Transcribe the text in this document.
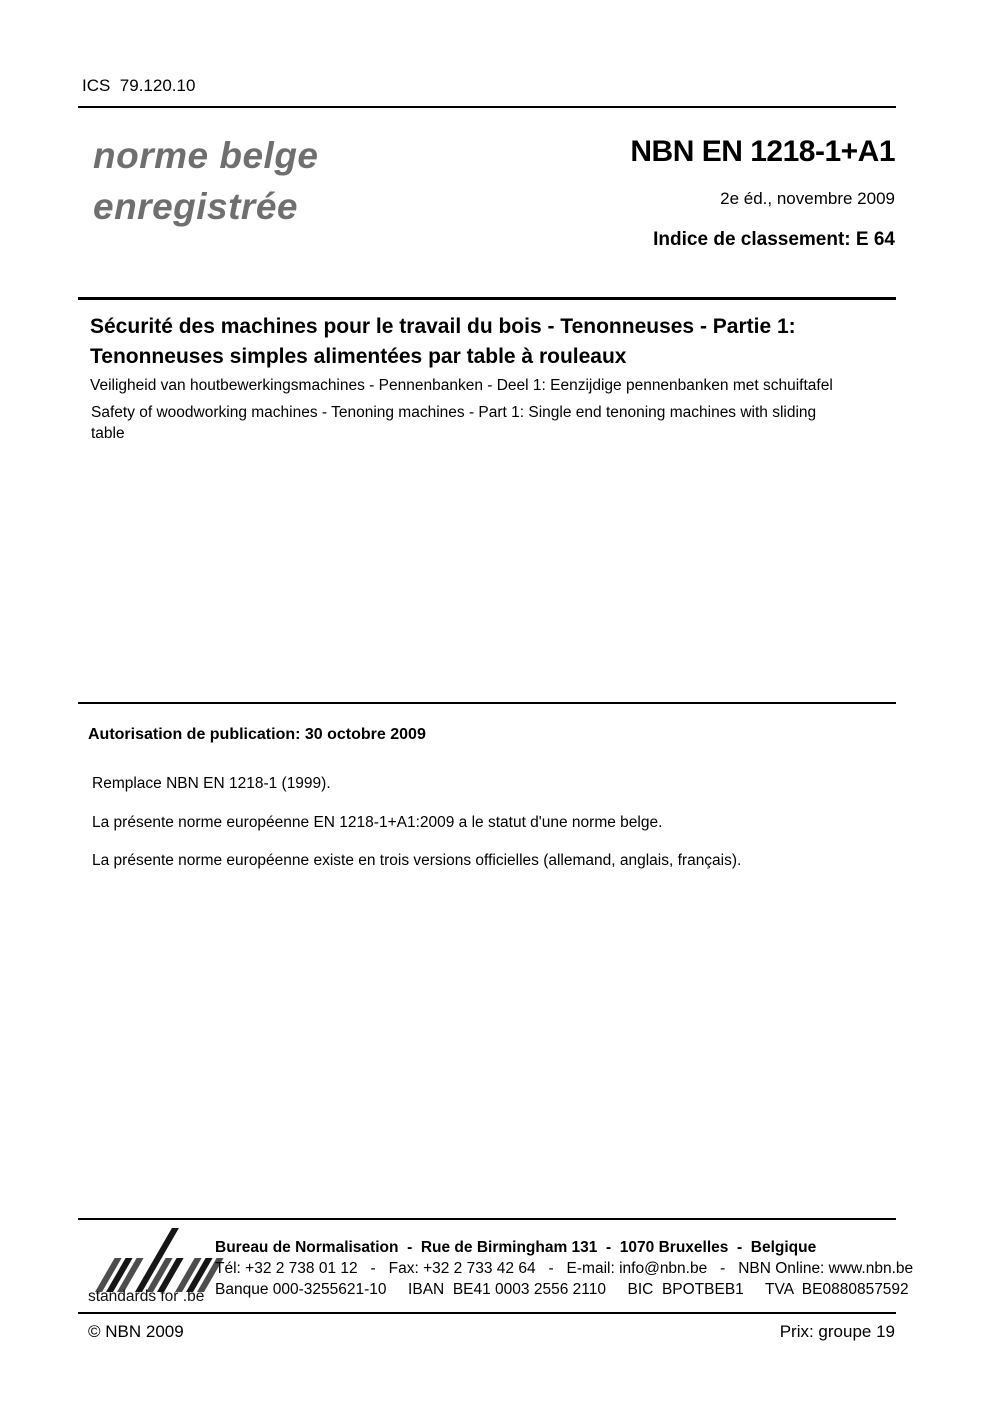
ICS  79.120.10
norme belge
enregistrée
NBN EN 1218-1+A1
2e éd., novembre 2009
Indice de classement: E 64
Sécurité des machines pour le travail du bois - Tenonneuses - Partie 1:
Tenonneuses simples alimentées par table à rouleaux
Veiligheid van houtbewerkingsmachines - Pennenbanken - Deel 1: Eenzijdige pennenbanken met schuiftafel
Safety of woodworking machines - Tenoning machines - Part 1: Single end tenoning machines with sliding
table
Autorisation de publication: 30 octobre 2009
Remplace NBN EN 1218-1 (1999).
La présente norme européenne EN 1218-1+A1:2009 a le statut d'une norme belge.
La présente norme européenne existe en trois versions officielles (allemand, anglais, français).
standards for .be
Bureau de Normalisation  -  Rue de Birmingham 131  -  1070 Bruxelles  -  Belgique
Tél: +32 2 738 01 12   -   Fax: +32 2 733 42 64   -   E-mail: info@nbn.be   -   NBN Online: www.nbn.be
Banque 000-3255621-10     IBAN  BE41 0003 2556 2110     BIC  BPOTBEB1     TVA  BE0880857592
© NBN 2009	Prix: groupe 19
